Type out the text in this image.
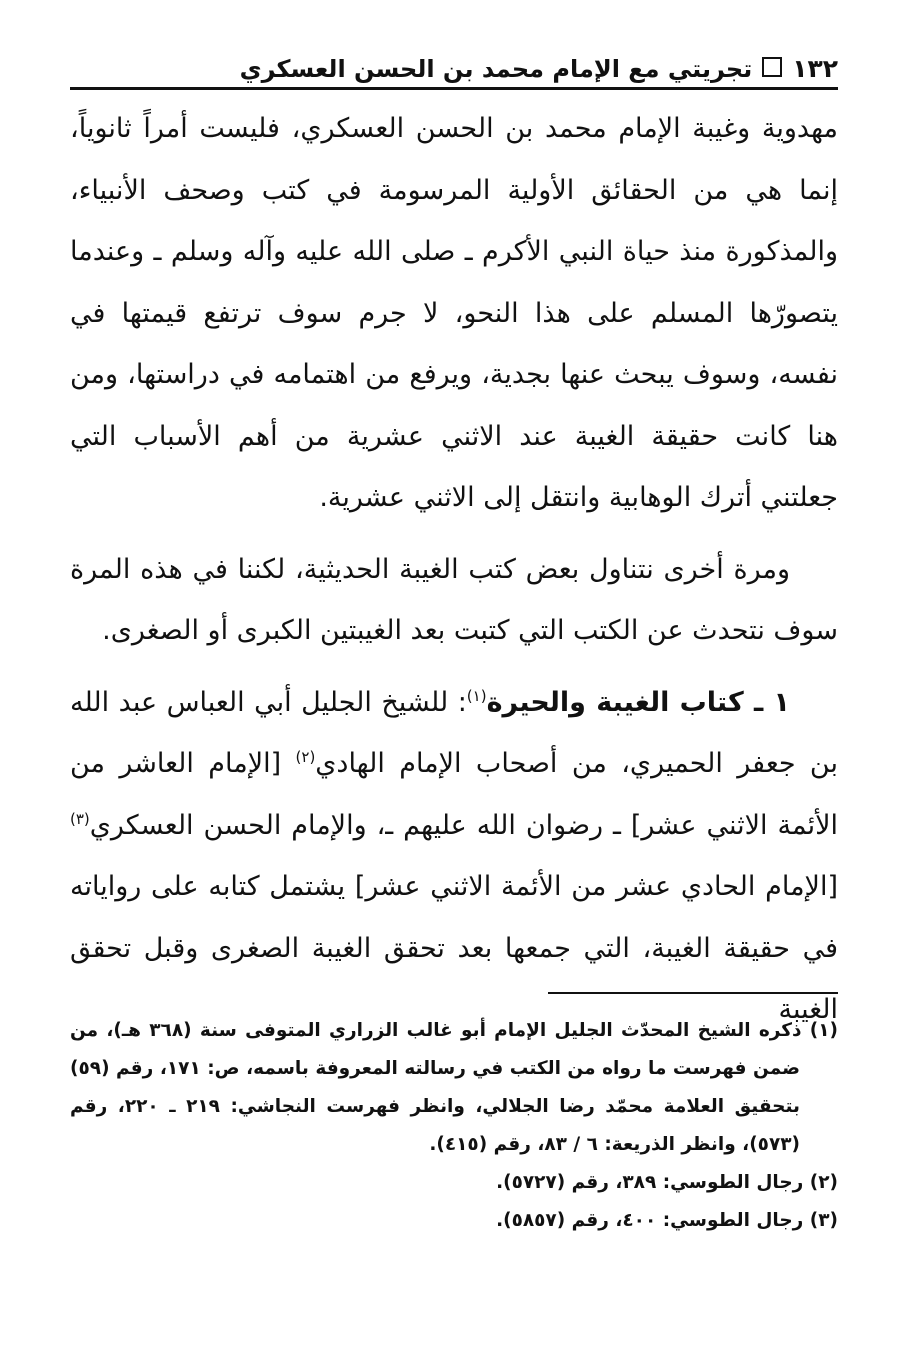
١٣٢
تجريتي مع الإمام محمد بن الحسن العسكري

مهدوية وغيبة الإمام محمد بن الحسن العسكري، فليست أمراً ثانوياً، إنما هي من الحقائق الأولية المرسومة في كتب وصحف الأنبياء، والمذكورة منذ حياة النبي الأكرم ـ صلى الله عليه وآله وسلم ـ وعندما يتصورّها المسلم على هذا النحو، لا جرم سوف ترتفع قيمتها في نفسه، وسوف يبحث عنها بجدية، ويرفع من اهتمامه في دراستها، ومن هنا كانت حقيقة الغيبة عند الاثني عشرية من أهم الأسباب التي جعلتني أترك الوهابية وانتقل إلى الاثني عشرية.

ومرة أخرى نتناول بعض كتب الغيبة الحديثية، لكننا في هذه المرة سوف نتحدث عن الكتب التي كتبت بعد الغيبتين الكبرى أو الصغرى.

١ ـ كتاب الغيبة والحيرة$^{(١)}$: للشيخ الجليل أبي العباس عبد الله بن جعفر الحميري، من أصحاب الإمام الهادي$^{(٢)}$ [الإمام العاشر من الأئمة الاثني عشر] ـ رضوان الله عليهم ـ، والإمام الحسن العسكري$^{(٣)}$ [الإمام الحادي عشر من الأئمة الاثني عشر] يشتمل كتابه على رواياته في حقيقة الغيبة، التي جمعها بعد تحقق الغيبة الصغرى وقبل تحقق الغيبة

(١) ذكره الشيخ المحدّث الجليل الإمام أبو غالب الزراري المتوفى سنة (٣٦٨ هـ)، من ضمن فهرست ما رواه من الكتب في رسالته المعروفة باسمه، ص: ١٧١، رقم (٥٩) بتحقيق العلامة محمّد رضا الجلالي، وانظر فهرست النجاشي: ٢١٩ ـ ٢٢٠، رقم (٥٧٣)، وانظر الذريعة: ٦ / ٨٣، رقم (٤١٥).

(٢) رجال الطوسي: ٣٨٩، رقم (٥٧٢٧).

(٣) رجال الطوسي: ٤٠٠، رقم (٥٨٥٧).
